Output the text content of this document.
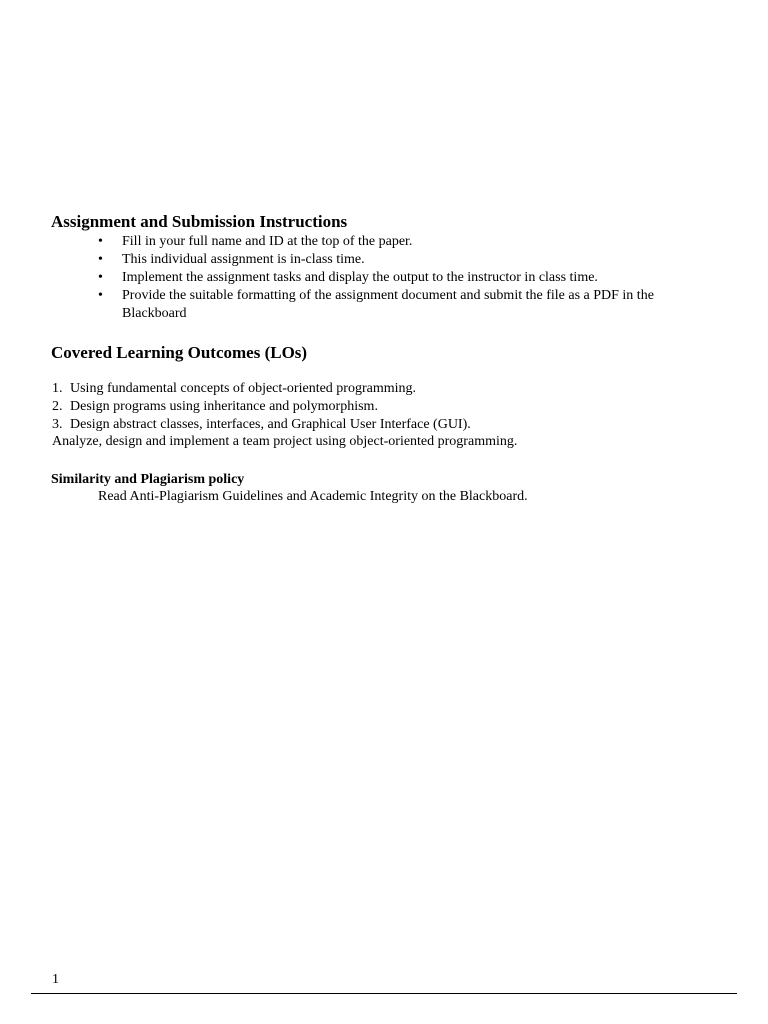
Assignment and Submission Instructions
•	Fill in your full name and ID at the top of the paper.
•	This individual assignment is in-class time.
•	Implement the assignment tasks and display the output to the instructor in class time.
•	Provide the suitable formatting of the assignment document and submit the file as a PDF in the Blackboard
Covered Learning Outcomes (LOs)
1. Using fundamental concepts of object-oriented programming.
2. Design programs using inheritance and polymorphism.
3. Design abstract classes, interfaces, and Graphical User Interface (GUI).
Analyze, design and implement a team project using object-oriented programming.
Similarity and Plagiarism policy
Read Anti-Plagiarism Guidelines and Academic Integrity on the Blackboard.
1
